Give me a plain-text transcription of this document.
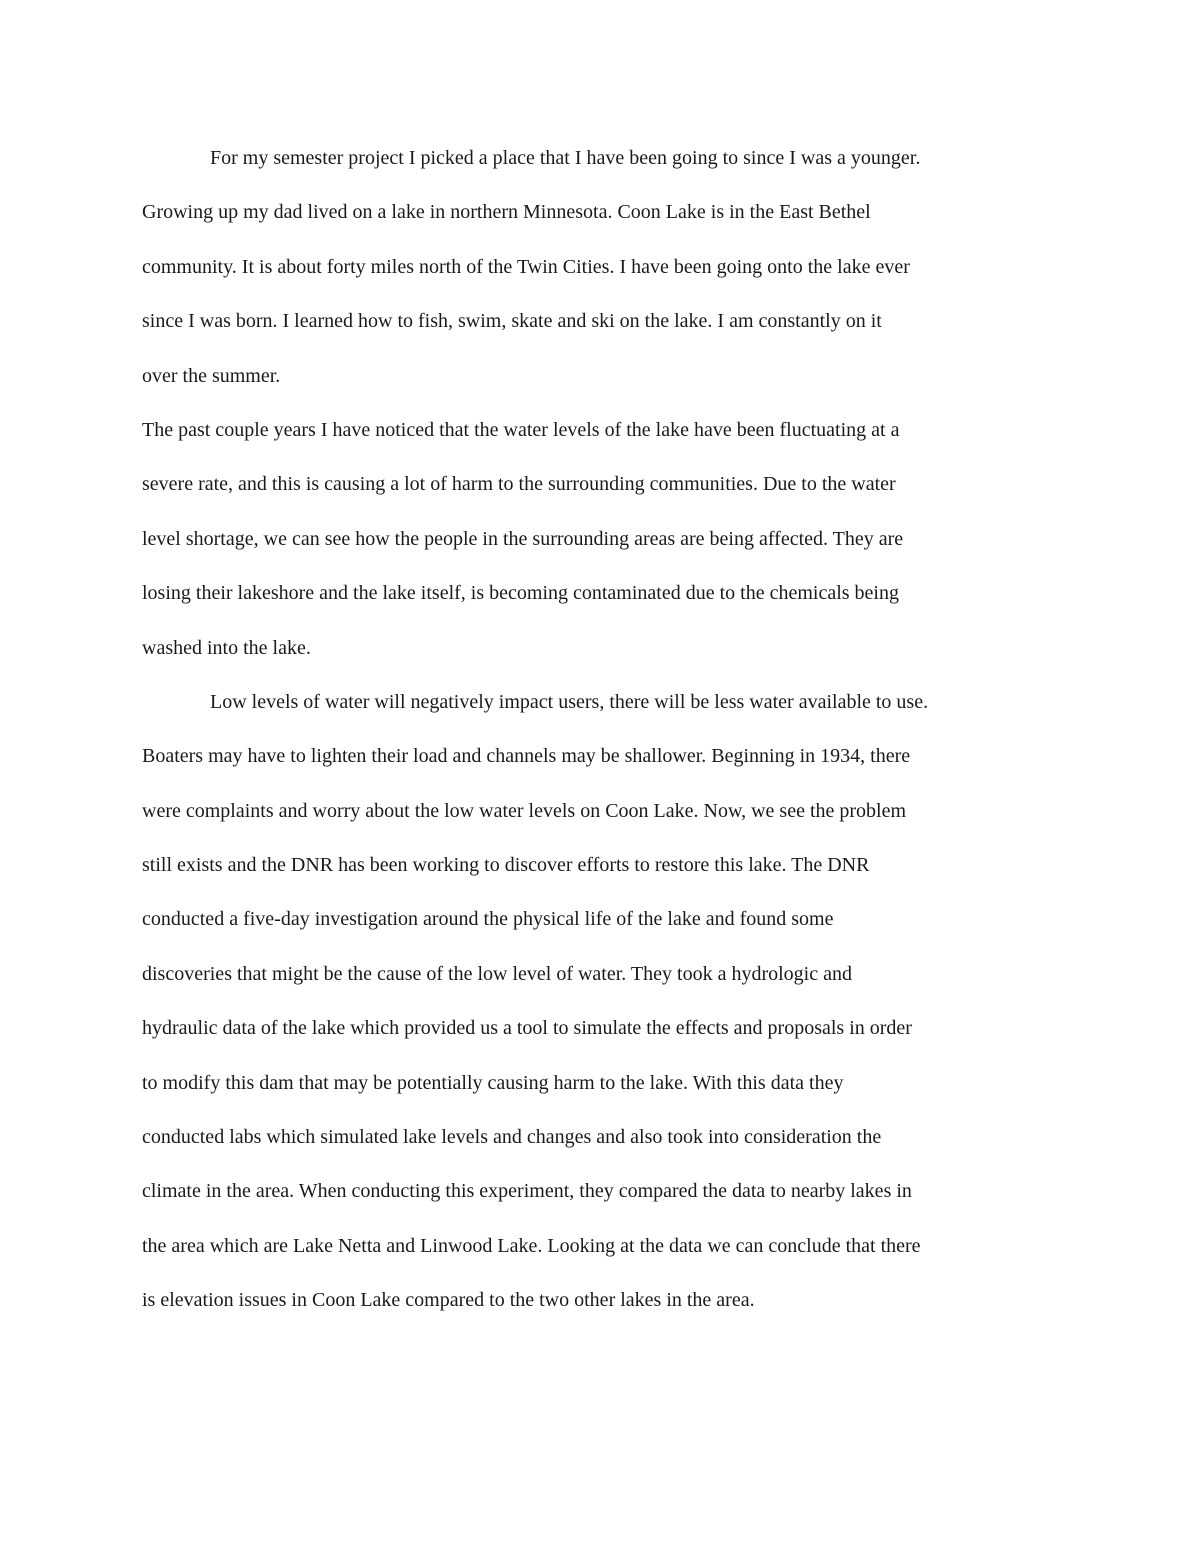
For my semester project I picked a place that I have been going to since I was a younger.
Growing up my dad lived on a lake in northern Minnesota. Coon Lake is in the East Bethel
community. It is about forty miles north of the Twin Cities. I have been going onto the lake ever
since I was born. I learned how to fish, swim, skate and ski on the lake. I am constantly on it
over the summer.
The past couple years I have noticed that the water levels of the lake have been fluctuating at a
severe rate, and this is causing a lot of harm to the surrounding communities. Due to the water
level shortage, we can see how the people in the surrounding areas are being affected. They are
losing their lakeshore and the lake itself, is becoming contaminated due to the chemicals being
washed into the lake.
Low levels of water will negatively impact users, there will be less water available to use.
Boaters may have to lighten their load and channels may be shallower. Beginning in 1934, there
were complaints and worry about the low water levels on Coon Lake. Now, we see the problem
still exists and the DNR has been working to discover efforts to restore this lake. The DNR
conducted a five-day investigation around the physical life of the lake and found some
discoveries that might be the cause of the low level of water. They took a hydrologic and
hydraulic data of the lake which provided us a tool to simulate the effects and proposals in order
to modify this dam that may be potentially causing harm to the lake. With this data they
conducted labs which simulated lake levels and changes and also took into consideration the
climate in the area. When conducting this experiment, they compared the data to nearby lakes in
the area which are Lake Netta and Linwood Lake. Looking at the data we can conclude that there
is elevation issues in Coon Lake compared to the two other lakes in the area.
